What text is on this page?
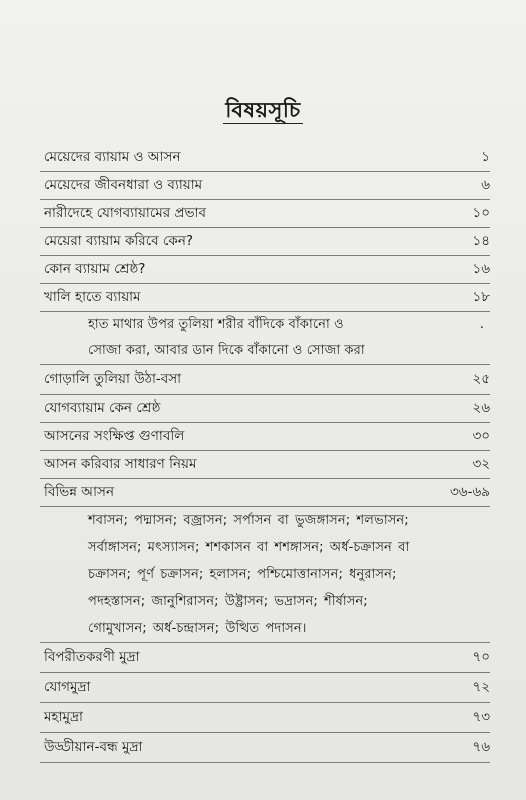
বিষয়সূচি
মেয়েদের ব্যায়াম ও আসন	১
মেয়েদের জীবনধারা ও ব্যায়াম	৬
নারীদেহে যোগব্যায়ামের প্রভাব	১০
মেয়েরা ব্যায়াম করিবে কেন?	১৪
কোন ব্যায়াম শ্রেষ্ঠ?	১৬
খালি হাতে ব্যায়াম	১৮
হাত মাথার উপর তুলিয়া শরীর বাঁদিকে বাঁকানো ও
সোজা করা, আবার ডান দিকে বাঁকানো ও সোজা করা
.
গোড়ালি তুলিয়া উঠা-বসা	২৫
যোগব্যায়াম কেন শ্রেষ্ঠ	২৬
আসনের সংক্ষিপ্ত গুণাবলি	৩০
আসন করিবার সাধারণ নিয়ম	৩২
বিভিন্ন আসন	৩৬-৬৯
শবাসন; পদ্মাসন; বজ্রাসন; সর্পাসন বা ভুজঙ্গাসন; শলভাসন;
সর্বাঙ্গাসন; মৎস্যাসন; শশকাসন বা শশঙ্গাসন; অর্ধ-চক্রাসন বা
চক্রাসন; পূর্ণ চক্রাসন; হলাসন; পশ্চিমোত্তানাসন; ধনুরাসন;
পদহস্তাসন; জানুশিরাসন; উষ্ট্রাসন; ভদ্রাসন; শীর্ষাসন;
গোমুখাসন; অর্ধ-চন্দ্রাসন; উত্থিত পদাসন।
বিপরীতকরণী মুদ্রা	৭০
যোগমুদ্রা	৭২
মহামুদ্রা	৭৩
উড্ডীয়ান-বন্ধ মুদ্রা	৭৬
